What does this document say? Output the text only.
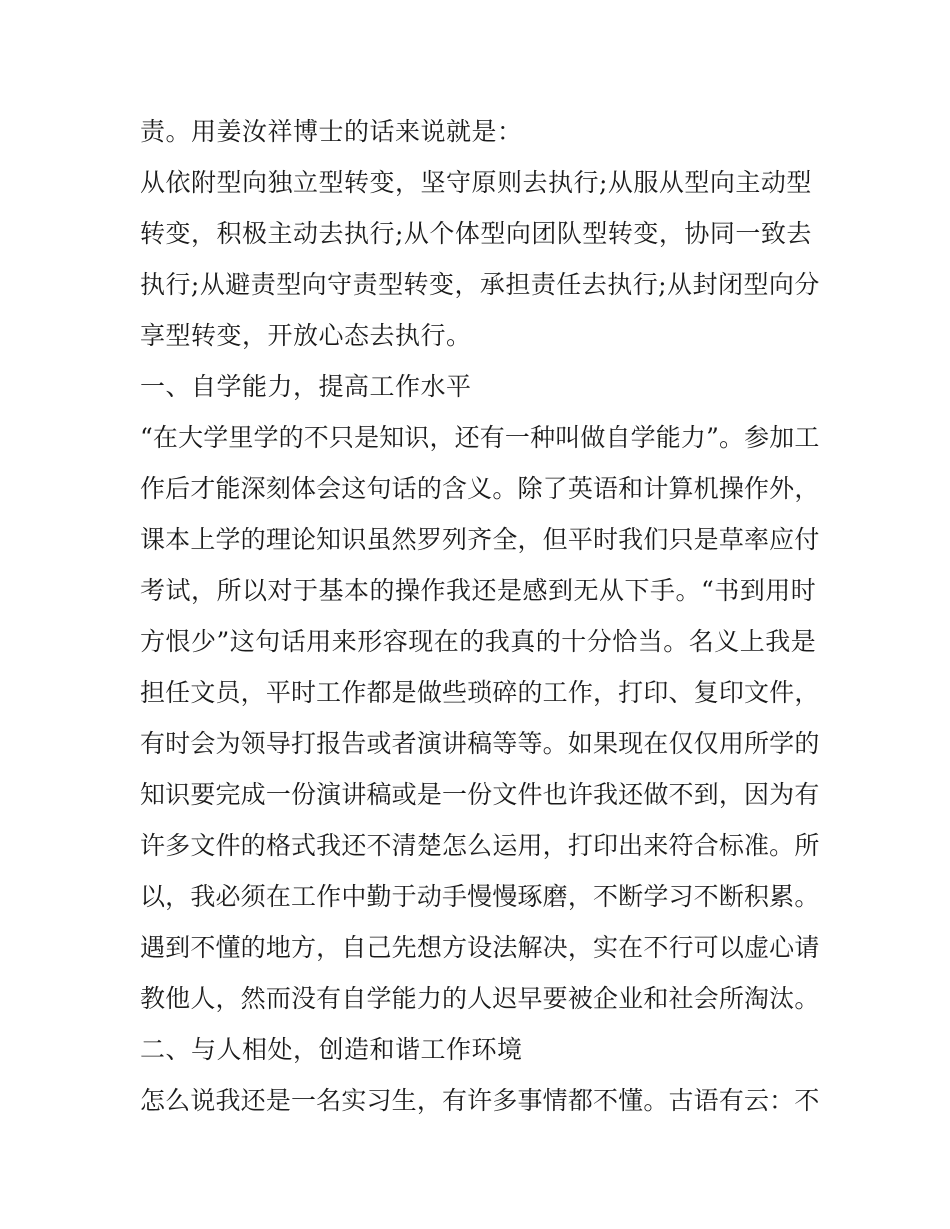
责。用姜汝祥博士的话来说就是：
从依附型向独立型转变，坚守原则去执行;从服从型向主动型
转变，积极主动去执行;从个体型向团队型转变，协同一致去
执行;从避责型向守责型转变，承担责任去执行;从封闭型向分
享型转变，开放心态去执行。
一、自学能力，提高工作水平
“在大学里学的不只是知识，还有一种叫做自学能力”。参加工
作后才能深刻体会这句话的含义。除了英语和计算机操作外，
课本上学的理论知识虽然罗列齐全，但平时我们只是草率应付
考试，所以对于基本的操作我还是感到无从下手。“书到用时
方恨少”这句话用来形容现在的我真的十分恰当。名义上我是
担任文员，平时工作都是做些琐碎的工作，打印、复印文件，
有时会为领导打报告或者演讲稿等等。如果现在仅仅用所学的
知识要完成一份演讲稿或是一份文件也许我还做不到，因为有
许多文件的格式我还不清楚怎么运用，打印出来符合标准。所
以，我必须在工作中勤于动手慢慢琢磨，不断学习不断积累。
遇到不懂的地方，自己先想方设法解决，实在不行可以虚心请
教他人，然而没有自学能力的人迟早要被企业和社会所淘汰。
二、与人相处，创造和谐工作环境
怎么说我还是一名实习生，有许多事情都不懂。古语有云：不
